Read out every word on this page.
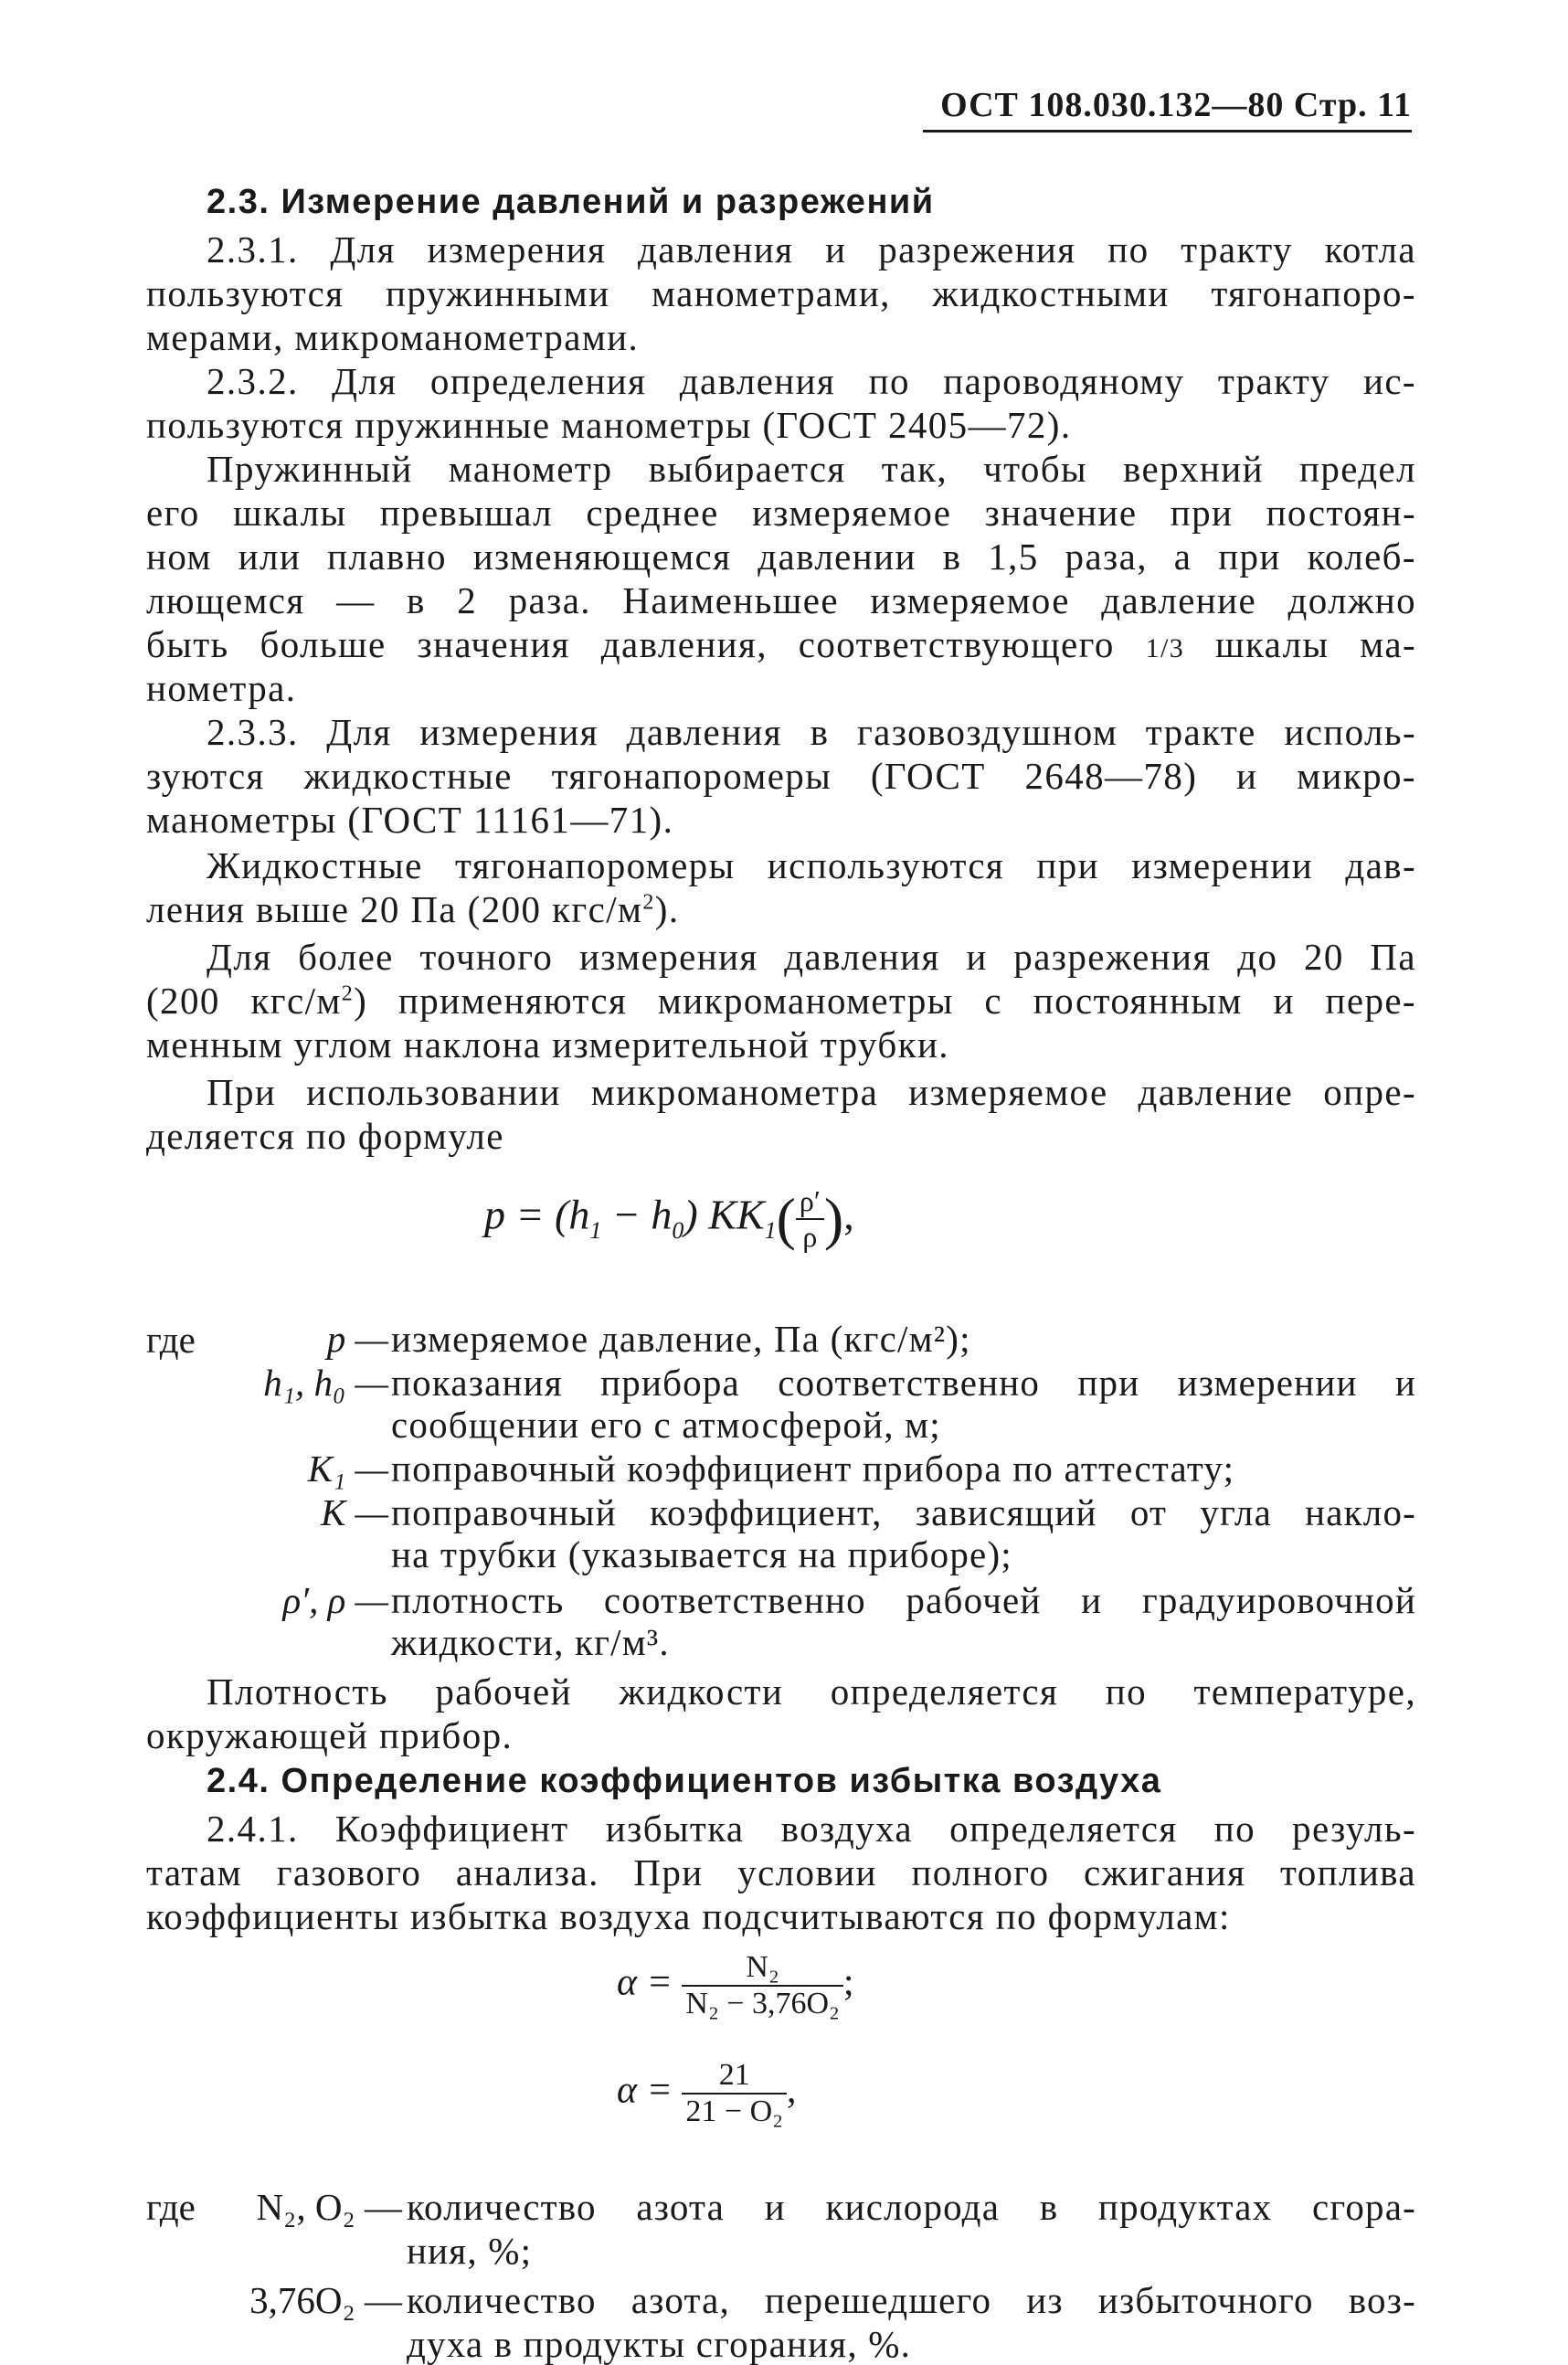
ОСТ 108.030.132—80 Стр. 11
2.3. Измерение давлений и разрежений
2.3.1. Для измерения давления и разрежения по тракту котла
пользуются пружинными манометрами, жидкостными тягонапоро-
мерами, микроманометрами.
2.3.2. Для определения давления по пароводяному тракту ис-
пользуются пружинные манометры (ГОСТ 2405—72).
Пружинный манометр выбирается так, чтобы верхний предел
его шкалы превышал среднее измеряемое значение при постоян-
ном или плавно изменяющемся давлении в 1,5 раза, а при колеб-
лющемся — в 2 раза. Наименьшее измеряемое давление должно
быть больше значения давления, соответствующего 1/3 шкалы ма-
нометра.
2.3.3. Для измерения давления в газовоздушном тракте исполь-
зуются жидкостные тягонапоромеры (ГОСТ 2648—78) и микро-
манометры (ГОСТ 11161—71).
Жидкостные тягонапоромеры используются при измерении дав-
ления выше 20 Па (200 кгс/$м^2$).
Для более точного измерения давления и разрежения до 20 Па
(200 кгс/$м^2$) применяются микроманометры с постоянным и пере-
менным углом наклона измерительной трубки.
При использовании микроманометра измеряемое давление опре-
деляется по формуле
$p = (h_1 - h_0)$ $KK_1( \frac{\rho'}{\rho}$ ),
где	p — измеряемое давление, Па (кгс/м²);
h₁, h₀ — показания прибора соответственно при измерении и
сообщении его с атмосферой, м;
K₁ — поправочный коэффициент прибора по аттестату;
K — поправочный коэффициент, зависящий от угла накло-
на трубки (указывается на приборе);
ρ′, ρ — плотность соответственно рабочей и градуировочной
жидкости, кг/м³.
Плотность рабочей жидкости определяется по температуре,
окружающей прибор.
2.4. Определение коэффициентов избытка воздуха
2.4.1. Коэффициент избытка воздуха определяется по резуль-
татам газового анализа. При условии полного сжигания топлива
коэффициенты избытка воздуха подсчитываются по формулам:
$\alpha = \frac{\text{N₂}}{\text{N₂ − 3,76O₂}}$ ;
$\alpha = \frac{21}{\text{21 − O₂}}$ ,
где N₂, O₂ — количество азота и кислорода в продуктах сгора-
ния, %;
3,76O₂ — количество азота, перешедшего из избыточного воз-
духа в продукты сгорания, %.
